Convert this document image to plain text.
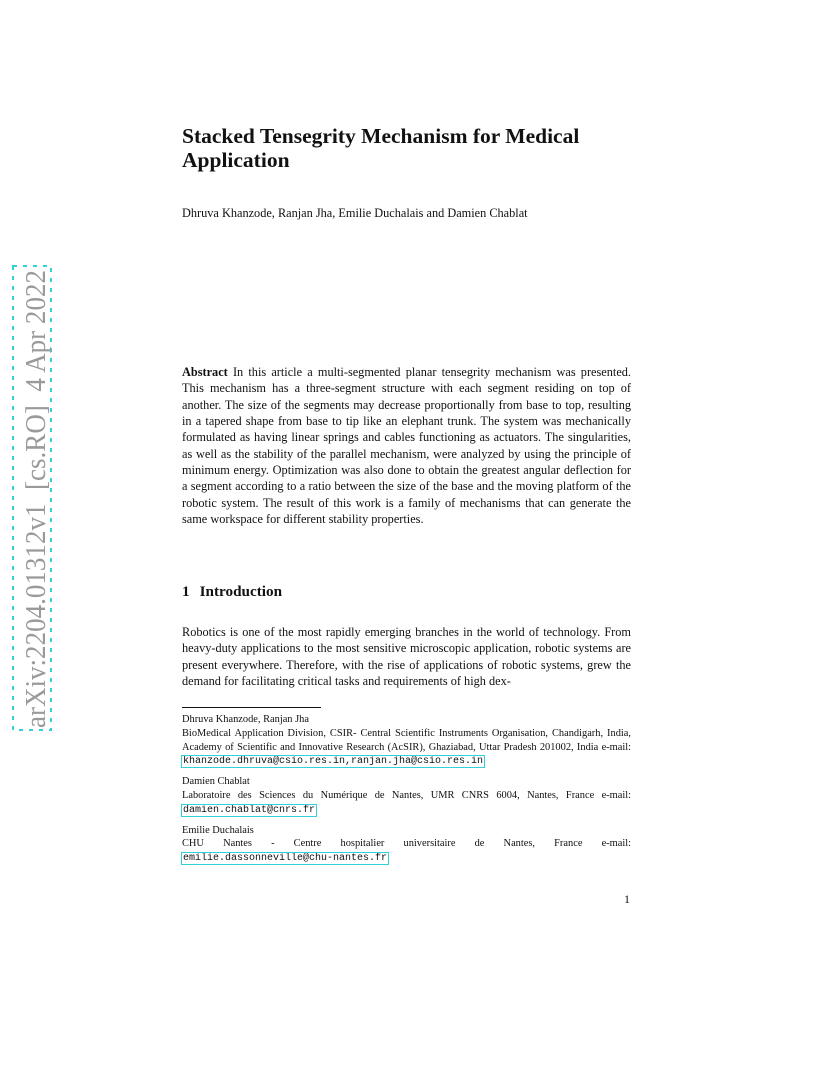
arXiv:2204.01312v1  [cs.RO]  4 Apr 2022
Stacked Tensegrity Mechanism for Medical Application
Dhruva Khanzode, Ranjan Jha, Emilie Duchalais and Damien Chablat
Abstract In this article a multi-segmented planar tensegrity mechanism was presented. This mechanism has a three-segment structure with each segment residing on top of another. The size of the segments may decrease proportionally from base to top, resulting in a tapered shape from base to tip like an elephant trunk. The system was mechanically formulated as having linear springs and cables functioning as actuators. The singularities, as well as the stability of the parallel mechanism, were analyzed by using the principle of minimum energy. Optimization was also done to obtain the greatest angular deflection for a segment according to a ratio between the size of the base and the moving platform of the robotic system. The result of this work is a family of mechanisms that can generate the same workspace for different stability properties.
1 Introduction
Robotics is one of the most rapidly emerging branches in the world of technology. From heavy-duty applications to the most sensitive microscopic application, robotic systems are present everywhere. Therefore, with the rise of applications of robotic systems, grew the demand for facilitating critical tasks and requirements of high dex-
Dhruva Khanzode, Ranjan Jha
BioMedical Application Division, CSIR- Central Scientific Instruments Organisation, Chandigarh, India, Academy of Scientific and Innovative Research (AcSIR), Ghaziabad, Uttar Pradesh 201002, India e-mail: khanzode.dhruva@csio.res.in,ranjan.jha@csio.res.in
Damien Chablat
Laboratoire des Sciences du Numérique de Nantes, UMR CNRS 6004, Nantes, France e-mail: damien.chablat@cnrs.fr
Emilie Duchalais
CHU Nantes - Centre hospitalier universitaire de Nantes, France e-mail:
emilie.dassonneville@chu-nantes.fr
1
